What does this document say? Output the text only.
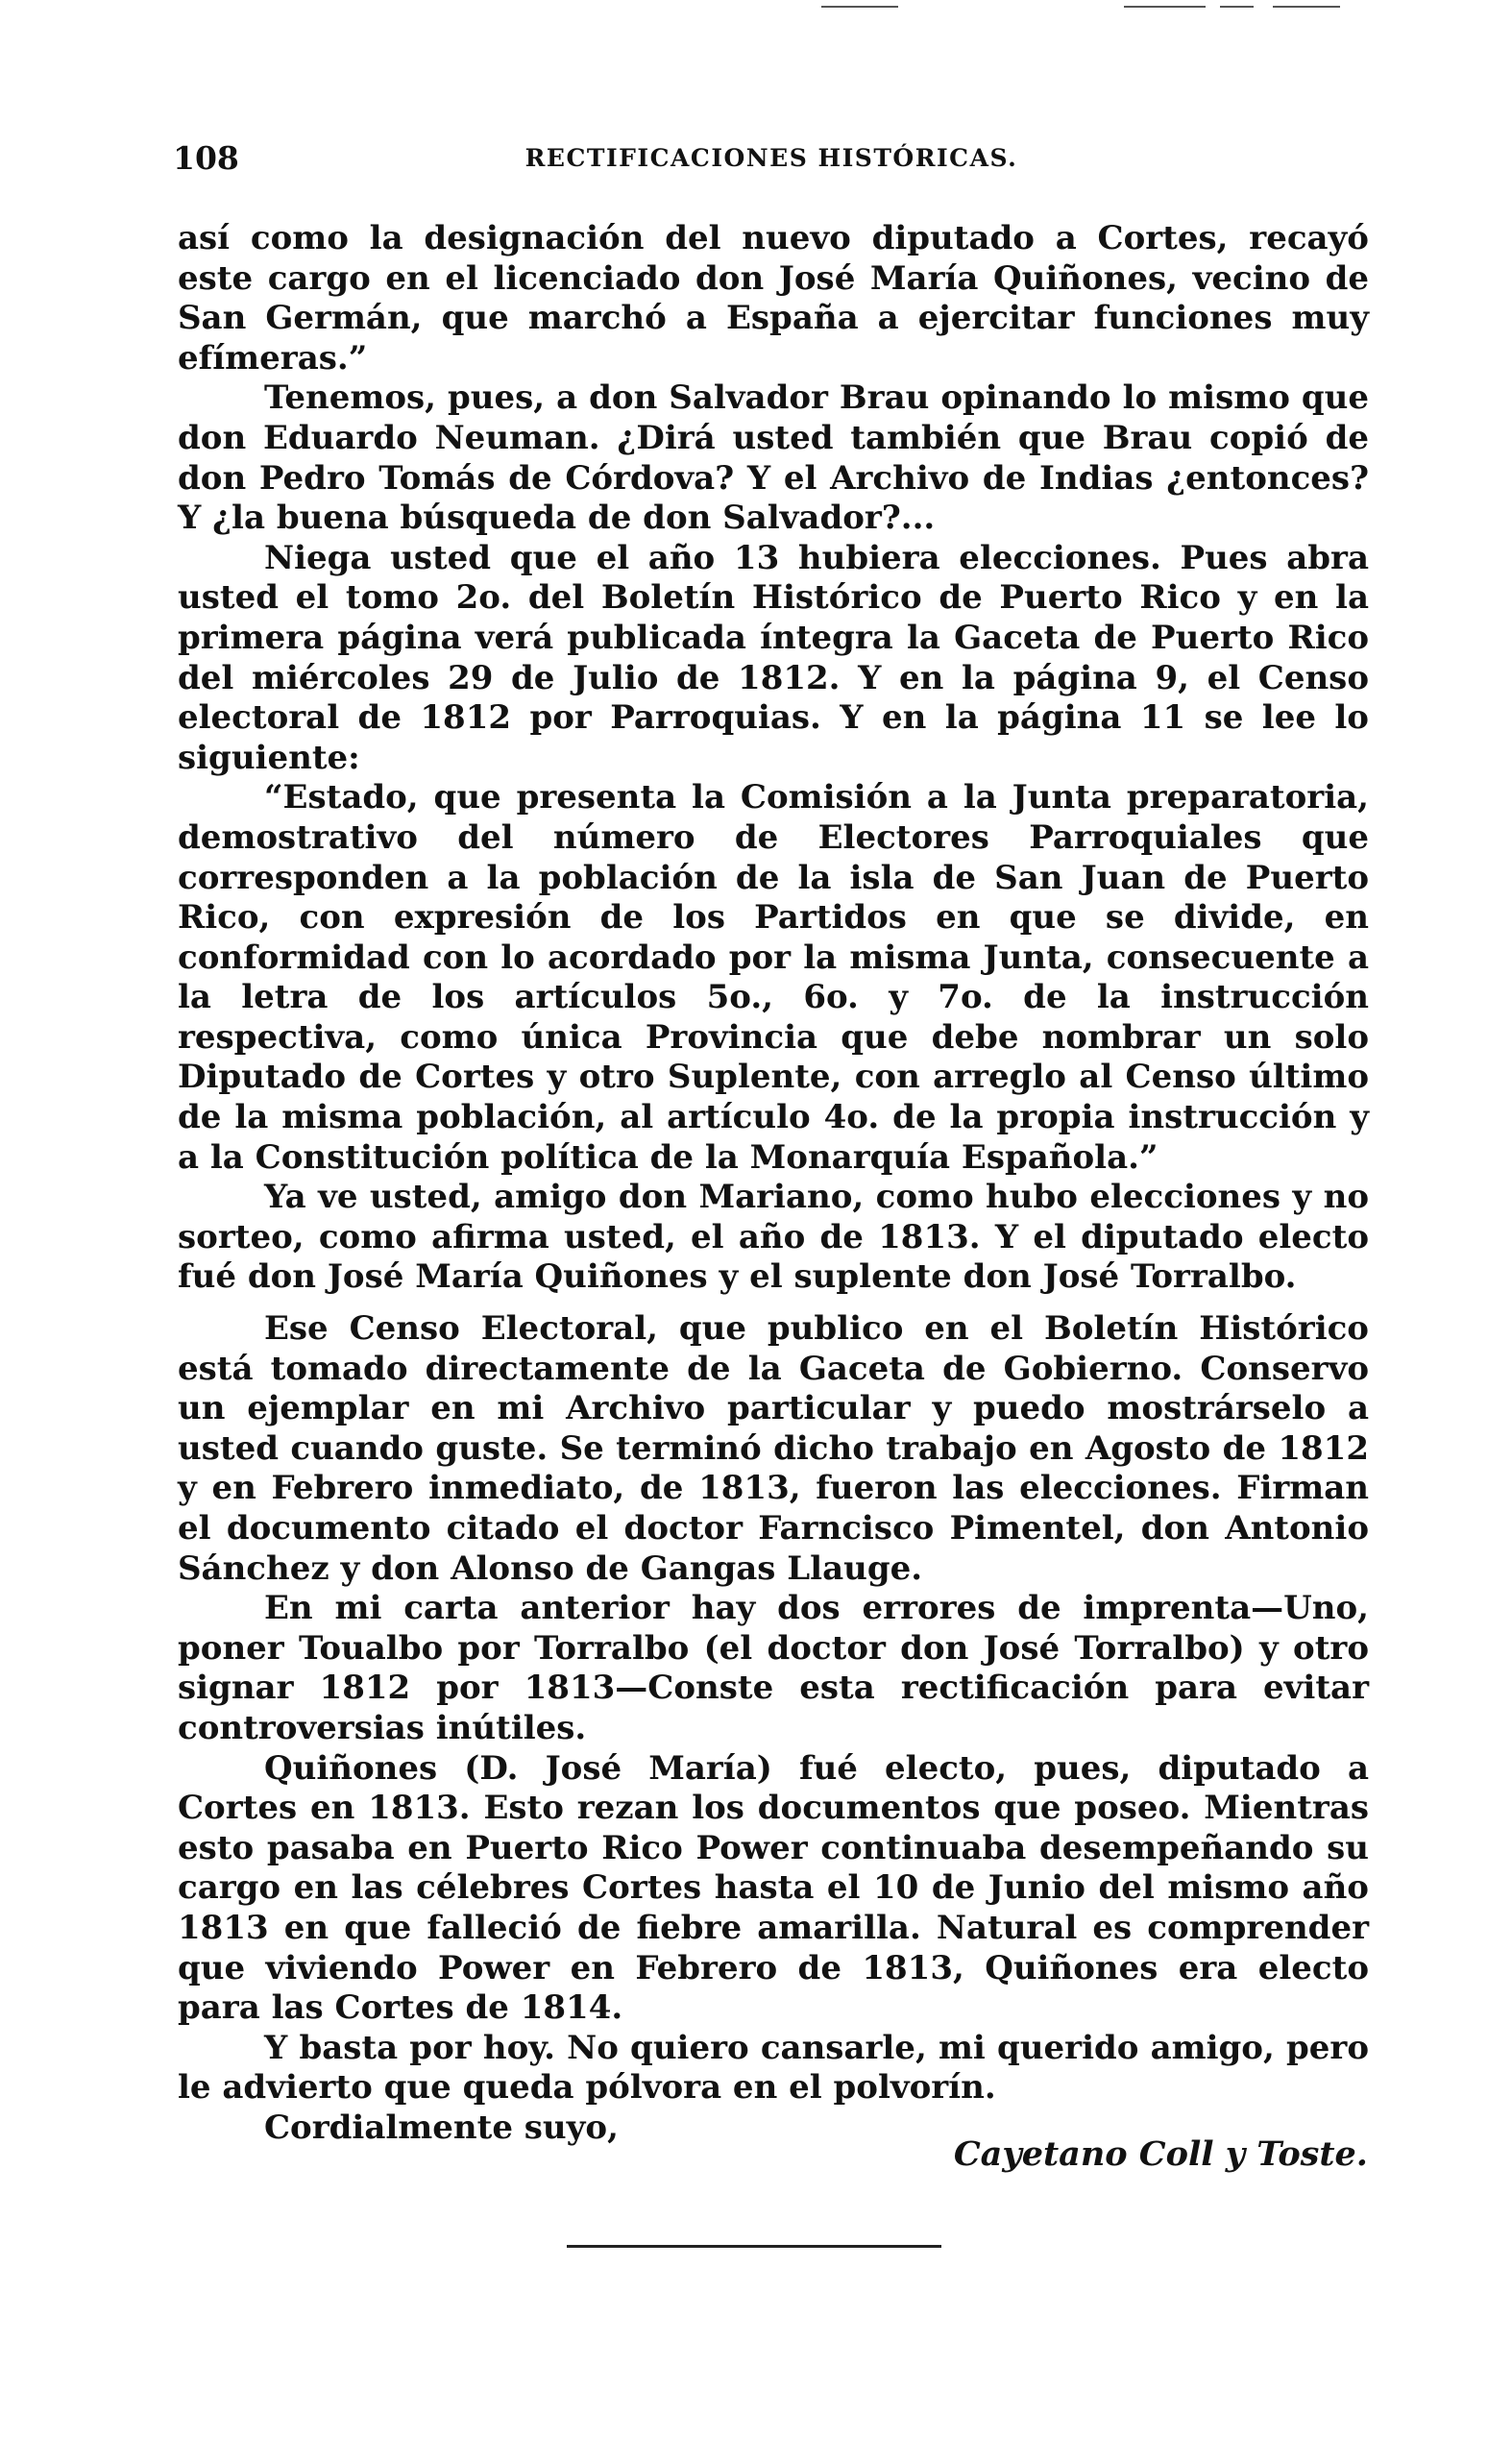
108	RECTIFICACIONES HISTÓRICAS.

así como la designación del nuevo diputado a Cortes, recayó este cargo en el licenciado don José María Quiñones, vecino de San Germán, que marchó a España a ejercitar funciones muy efímeras.”

Tenemos, pues, a don Salvador Brau opinando lo mismo que don Eduardo Neuman. ¿Dirá usted también que Brau copió de don Pedro Tomás de Córdova? Y el Archivo de Indias ¿entonces? Y ¿la buena búsqueda de don Salvador?...

Niega usted que el año 13 hubiera elecciones. Pues abra usted el tomo 2o. del Boletín Histórico de Puerto Rico y en la primera página verá publicada íntegra la Gaceta de Puerto Rico del miércoles 29 de Julio de 1812. Y en la página 9, el Censo electoral de 1812 por Parroquias. Y en la página 11 se lee lo siguiente:

“Estado, que presenta la Comisión a la Junta preparatoria, demostrativo del número de Electores Parroquiales que corresponden a la población de la isla de San Juan de Puerto Rico, con expresión de los Partidos en que se divide, en conformidad con lo acordado por la misma Junta, consecuente a la letra de los artículos 5o., 6o. y 7o. de la instrucción respectiva, como única Provincia que debe nombrar un solo Diputado de Cortes y otro Suplente, con arreglo al Censo último de la misma población, al artículo 4o. de la propia instrucción y a la Constitución política de la Monarquía Española.”

Ya ve usted, amigo don Mariano, como hubo elecciones y no sorteo, como afirma usted, el año de 1813. Y el diputado electo fué don José María Quiñones y el suplente don José Torralbo.

Ese Censo Electoral, que publico en el Boletín Histórico está tomado directamente de la Gaceta de Gobierno. Conservo un ejemplar en mi Archivo particular y puedo mostrárselo a usted cuando guste. Se terminó dicho trabajo en Agosto de 1812 y en Febrero inmediato, de 1813, fueron las elecciones. Firman el documento citado el doctor Farncisco Pimentel, don Antonio Sánchez y don Alonso de Gangas Llauge.

En mi carta anterior hay dos errores de imprenta—Uno, poner Toualbo por Torralbo (el doctor don José Torralbo) y otro signar 1812 por 1813—Conste esta rectificación para evitar controversias inútiles.

Quiñones (D. José María) fué electo, pues, diputado a Cortes en 1813. Esto rezan los documentos que poseo. Mientras esto pasaba en Puerto Rico Power continuaba desempeñando su cargo en las célebres Cortes hasta el 10 de Junio del mismo año 1813 en que falleció de fiebre amarilla. Natural es comprender que viviendo Power en Febrero de 1813, Quiñones era electo para las Cortes de 1814.

Y basta por hoy. No quiero cansarle, mi querido amigo, pero le advierto que queda pólvora en el polvorín.

Cordialmente suyo,

Cayetano Coll y Toste.
